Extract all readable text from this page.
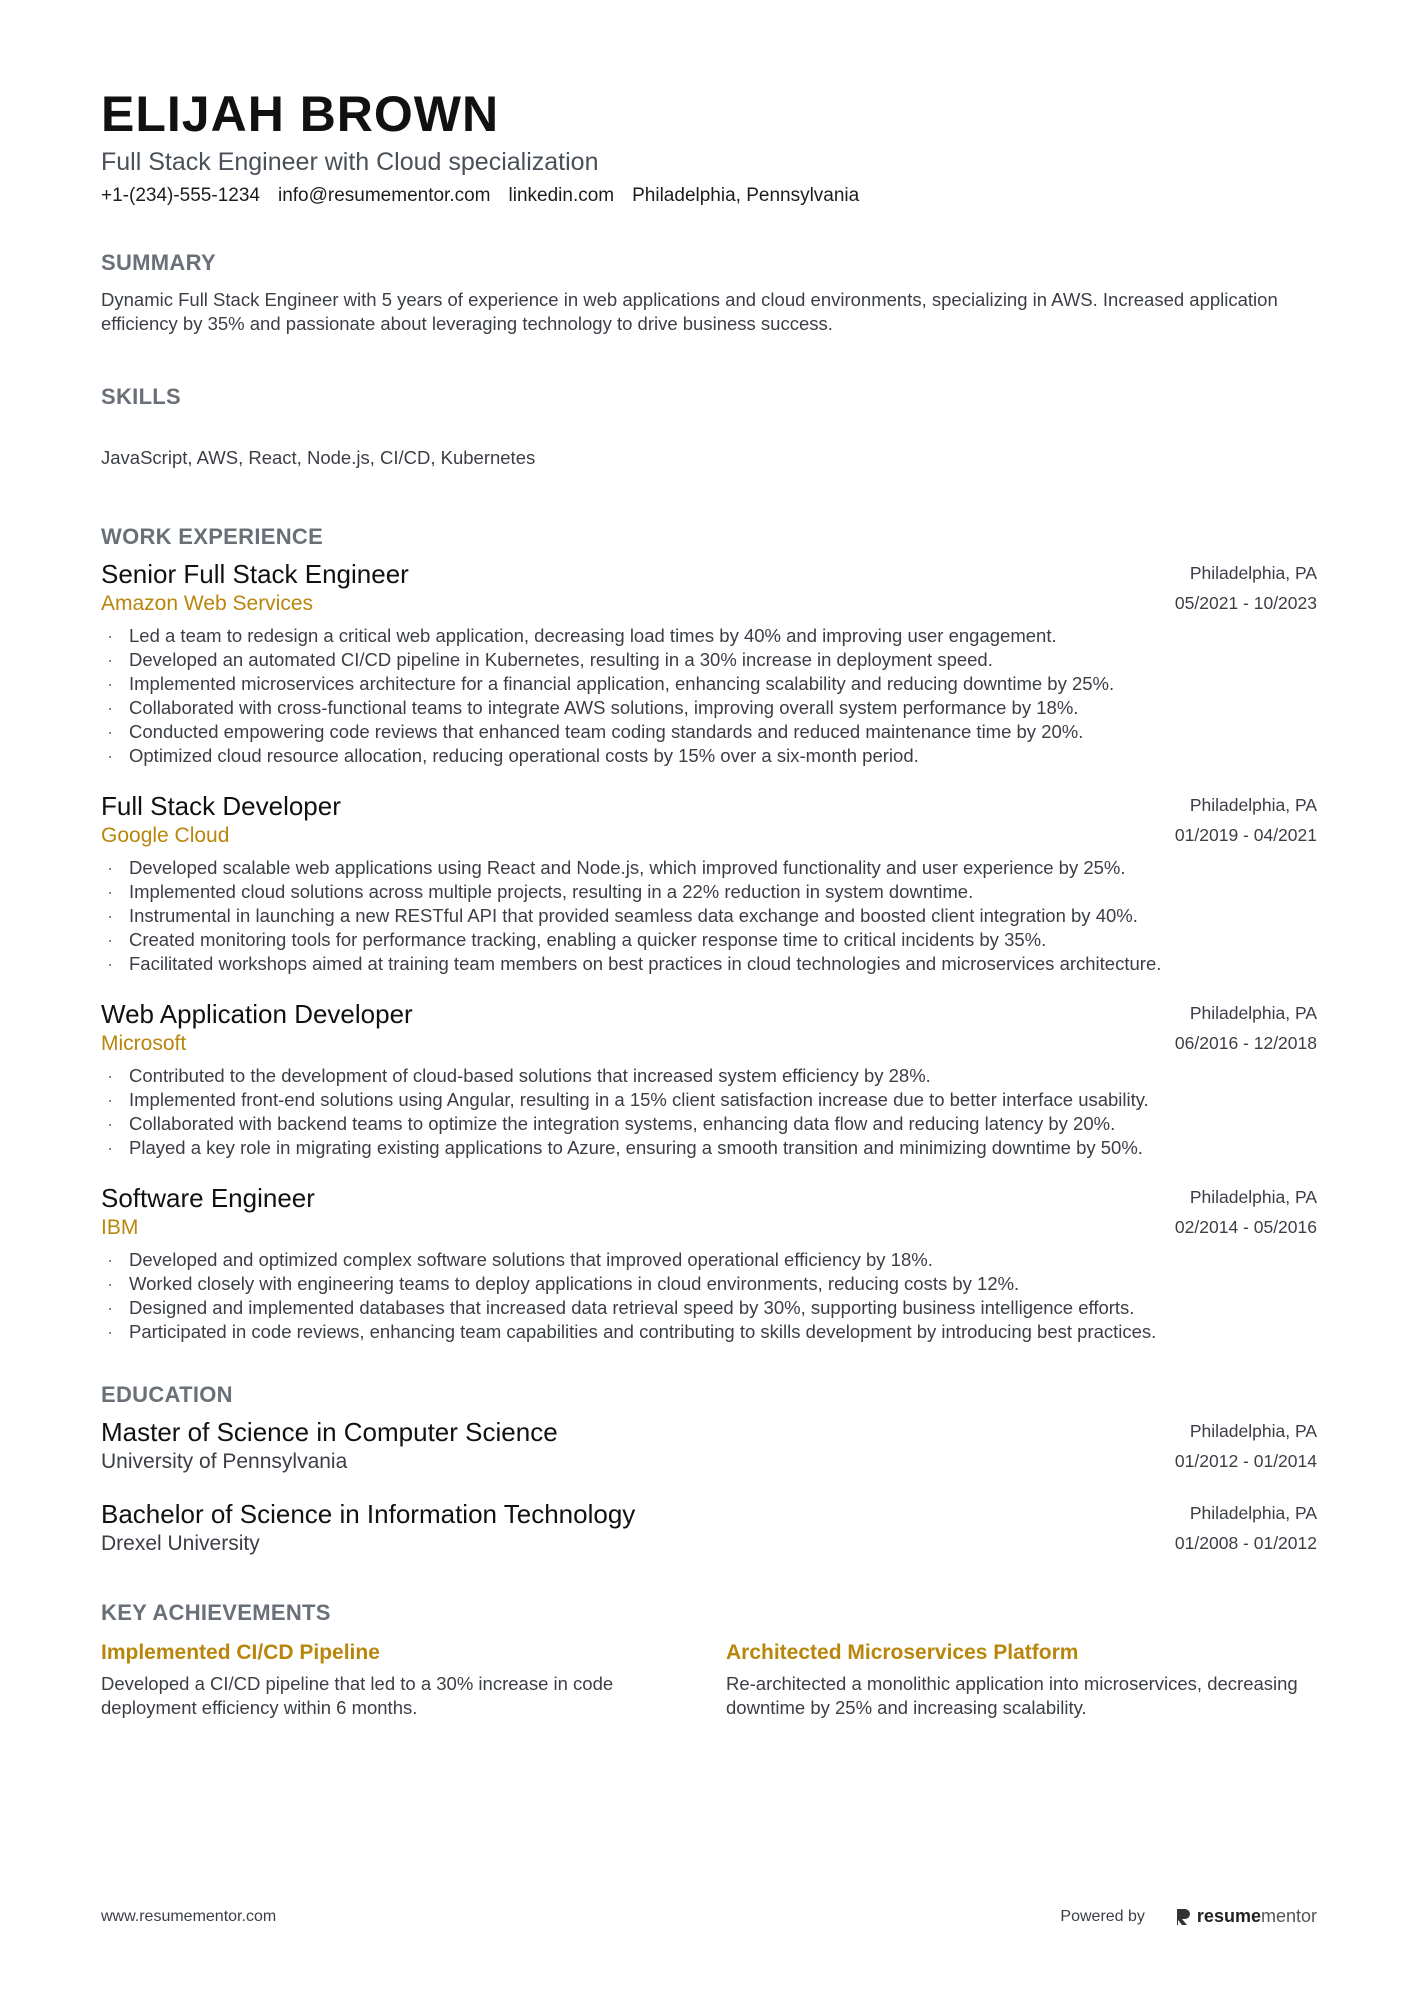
ELIJAH BROWN
Full Stack Engineer with Cloud specialization
+1-(234)-555-1234 info@resumementor.com linkedin.com Philadelphia, Pennsylvania
SUMMARY

Dynamic Full Stack Engineer with 5 years of experience in web applications and cloud environments, specializing in AWS. Increased application efficiency by 35% and passionate about leveraging technology to drive business success.

SKILLS
JavaScript, AWS, React, Node.js, CI/CD, Kubernetes
WORK EXPERIENCE
Senior Full Stack Engineer
Amazon Web Services
Philadelphia, PA
05/2021 - 10/2023
· Led a team to redesign a critical web application, decreasing load times by 40% and improving user engagement.
· Developed an automated CI/CD pipeline in Kubernetes, resulting in a 30% increase in deployment speed.
· Implemented microservices architecture for a financial application, enhancing scalability and reducing downtime by 25%.
· Collaborated with cross-functional teams to integrate AWS solutions, improving overall system performance by 18%.
· Conducted empowering code reviews that enhanced team coding standards and reduced maintenance time by 20%.
· Optimized cloud resource allocation, reducing operational costs by 15% over a six-month period.
Full Stack Developer
Google Cloud
Philadelphia, PA
01/2019 - 04/2021
· Developed scalable web applications using React and Node.js, which improved functionality and user experience by 25%.
· Implemented cloud solutions across multiple projects, resulting in a 22% reduction in system downtime.
· Instrumental in launching a new RESTful API that provided seamless data exchange and boosted client integration by 40%.
· Created monitoring tools for performance tracking, enabling a quicker response time to critical incidents by 35%.
· Facilitated workshops aimed at training team members on best practices in cloud technologies and microservices architecture.
Web Application Developer
Microsoft
Philadelphia, PA
06/2016 - 12/2018
· Contributed to the development of cloud-based solutions that increased system efficiency by 28%.
· Implemented front-end solutions using Angular, resulting in a 15% client satisfaction increase due to better interface usability.
· Collaborated with backend teams to optimize the integration systems, enhancing data flow and reducing latency by 20%.
· Played a key role in migrating existing applications to Azure, ensuring a smooth transition and minimizing downtime by 50%.
Software Engineer
IBM
Philadelphia, PA
02/2014 - 05/2016
· Developed and optimized complex software solutions that improved operational efficiency by 18%.
· Worked closely with engineering teams to deploy applications in cloud environments, reducing costs by 12%.
· Designed and implemented databases that increased data retrieval speed by 30%, supporting business intelligence efforts.
· Participated in code reviews, enhancing team capabilities and contributing to skills development by introducing best practices.
EDUCATION
Master of Science in Computer Science
University of Pennsylvania
Philadelphia, PA
01/2012 - 01/2014
Bachelor of Science in Information Technology
Drexel University
Philadelphia, PA
01/2008 - 01/2012
KEY ACHIEVEMENTS
Implemented CI/CD Pipeline
Developed a CI/CD pipeline that led to a 30% increase in code deployment efficiency within 6 months.
Architected Microservices Platform
Re-architected a monolithic application into microservices, decreasing downtime by 25% and increasing scalability.
www.resumementor.com	Powered by	resumementor
